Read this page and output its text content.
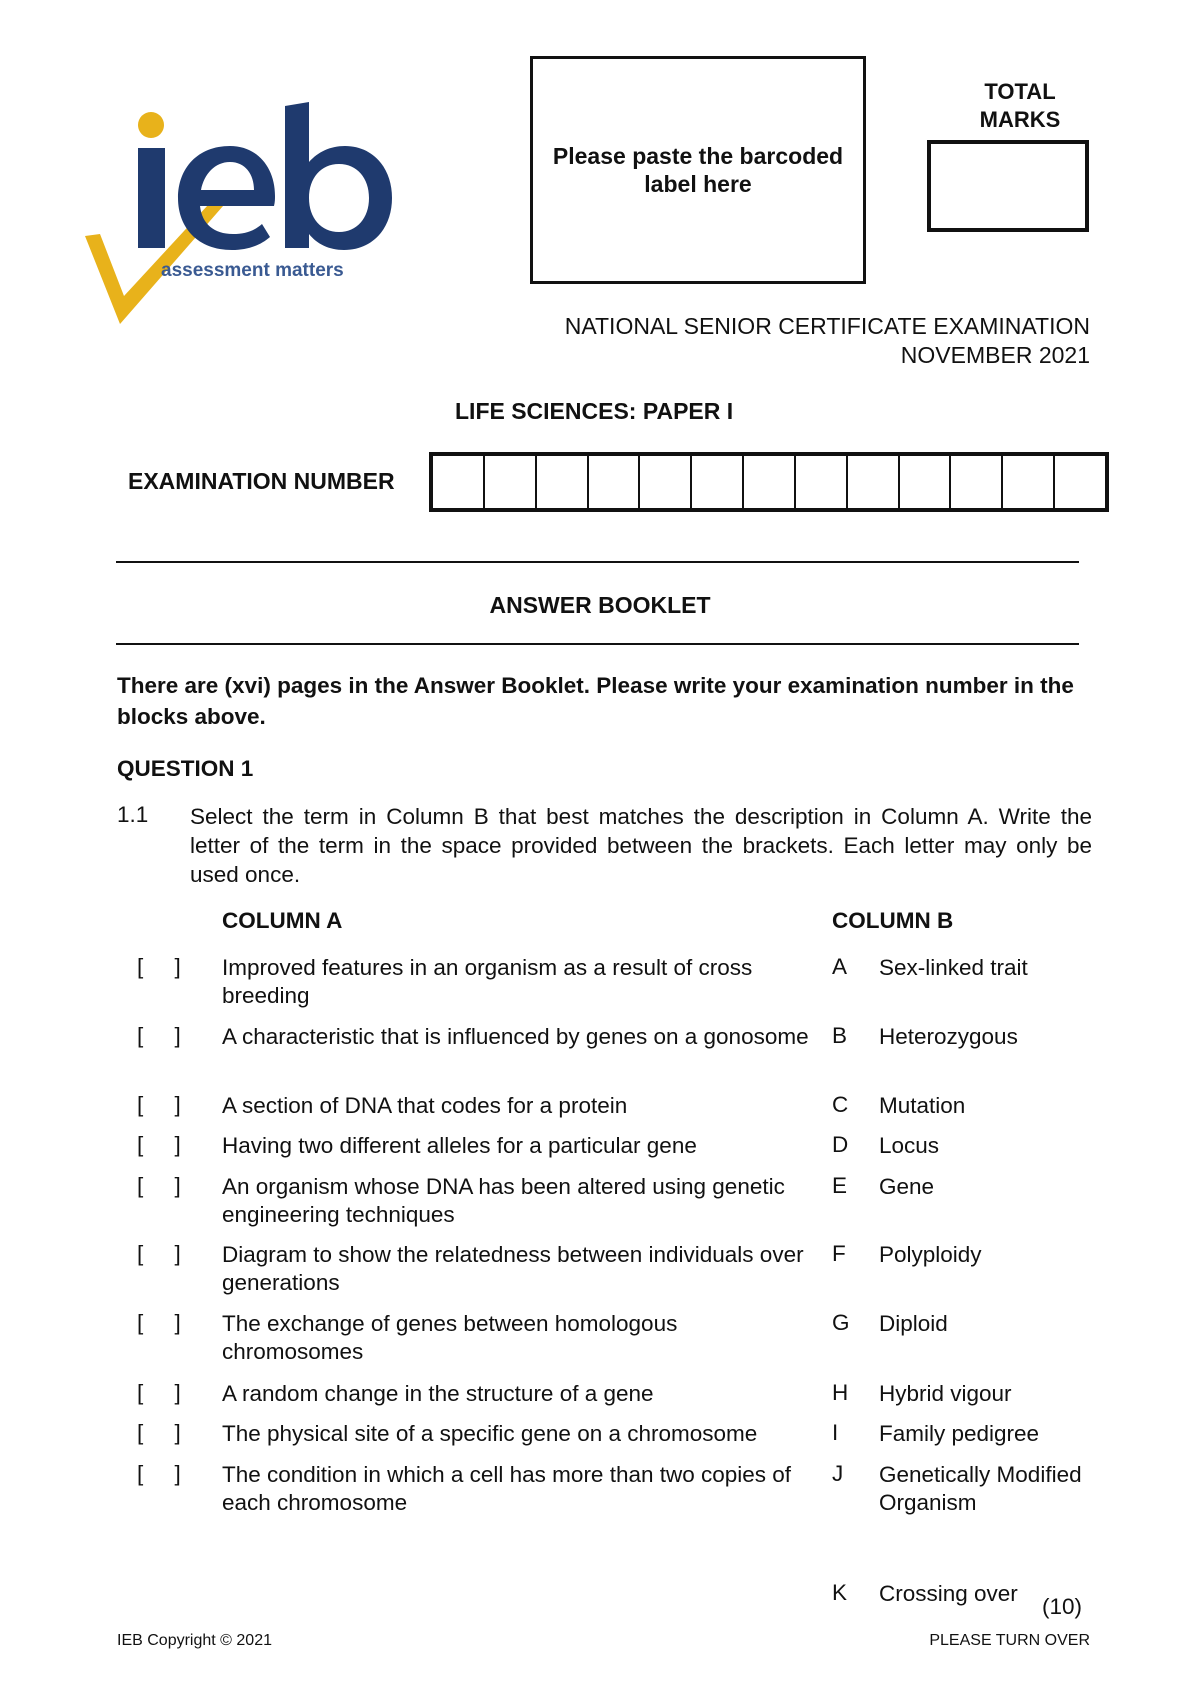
assessment matters
Please paste the barcoded label here
TOTAL
MARKS
NATIONAL SENIOR CERTIFICATE EXAMINATION
NOVEMBER 2021
LIFE SCIENCES: PAPER I
EXAMINATION NUMBER
ANSWER BOOKLET
There are (xvi) pages in the Answer Booklet. Please write your examination number in the blocks above.
QUESTION 1
1.1 Select the term in Column B that best matches the description in Column A. Write the letter of the term in the space provided between the brackets. Each letter may only be used once.
COLUMN A	COLUMN B
[     ] Improved features in an organism as a result of cross breeding
[     ] A characteristic that is influenced by genes on a gonosome
[     ] A section of DNA that codes for a protein
[     ] Having two different alleles for a particular gene
[     ] An organism whose DNA has been altered using genetic engineering techniques
[     ] Diagram to show the relatedness between individuals over generations
[     ] The exchange of genes between homologous chromosomes
[     ] A random change in the structure of a gene
[     ] The physical site of a specific gene on a chromosome
[     ] The condition in which a cell has more than two copies of each chromosome
A Sex-linked trait
B Heterozygous
C Mutation
D Locus
E Gene
F Polyploidy
G Diploid
H Hybrid vigour
I Family pedigree
J Genetically Modified Organism
K Crossing over
(10)
IEB Copyright © 2021	PLEASE TURN OVER
